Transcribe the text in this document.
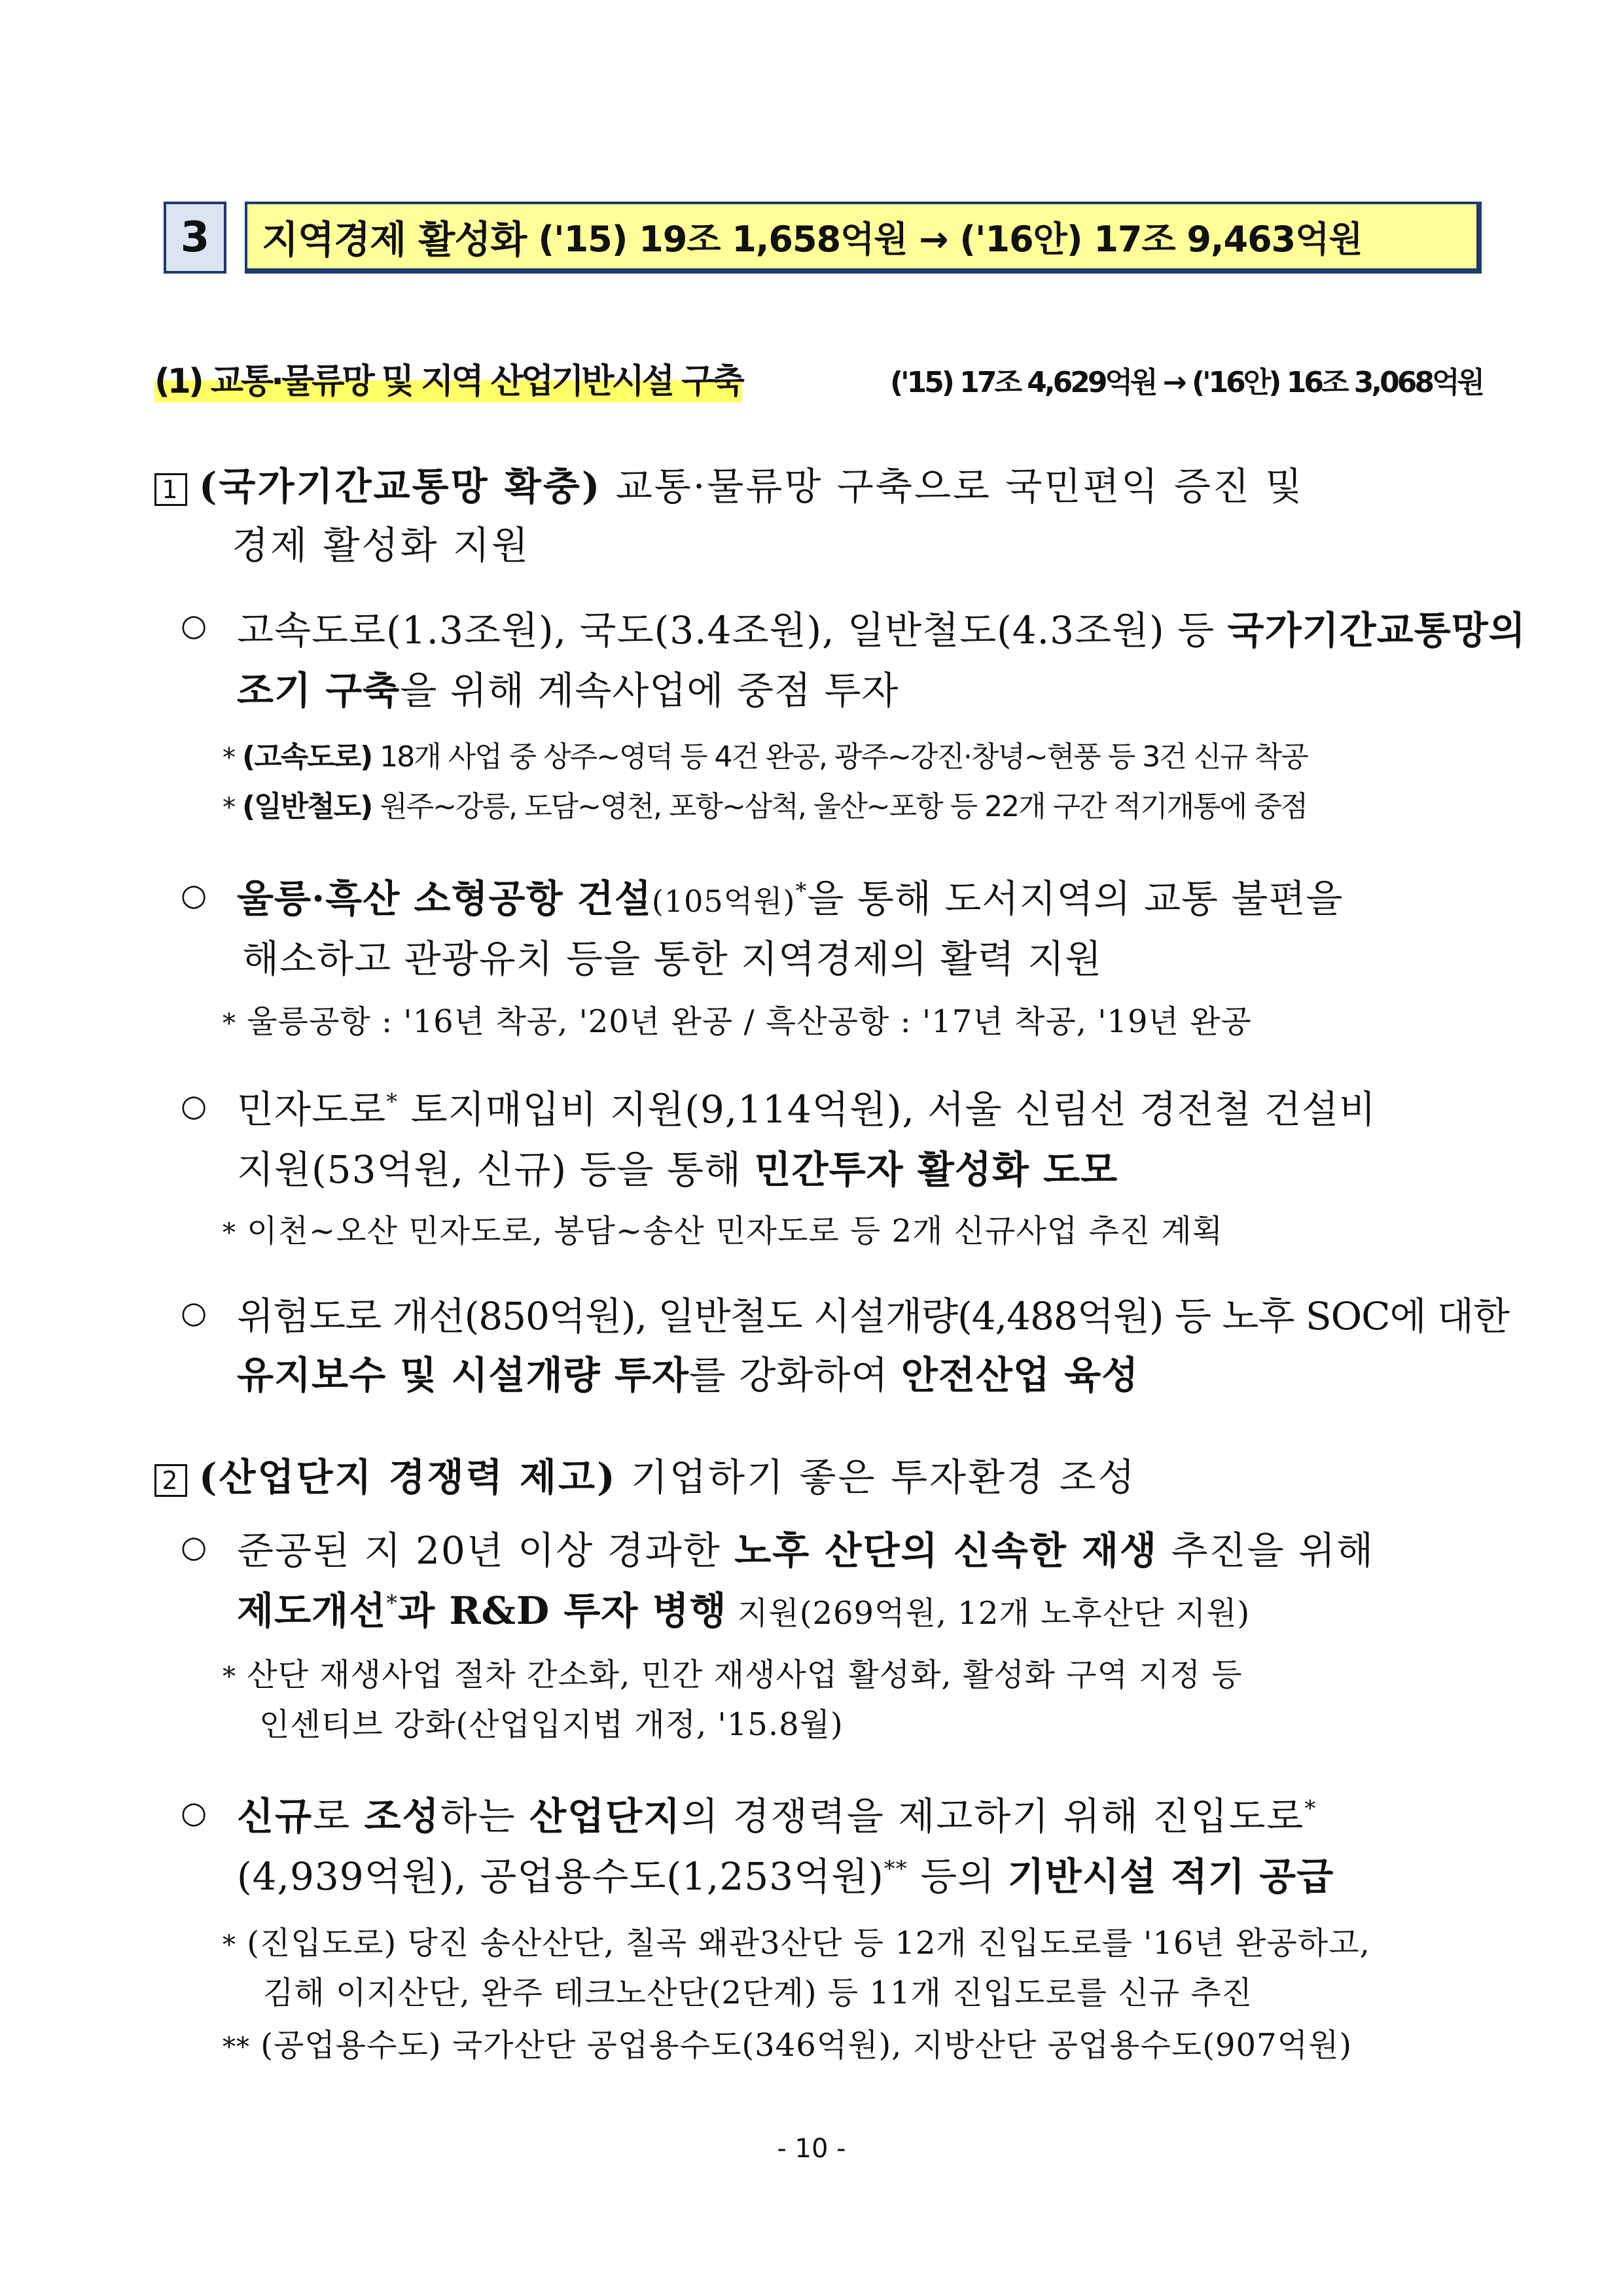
3 지역경제 활성화 ('15) 19조 1,658억원 → ('16안) 17조 9,463억원
(1) 교통·물류망 및 지역 산업기반시설 구축	('15) 17조 4,629억원 → ('16안) 16조 3,068억원
1 (국가기간교통망 확충) 교통·물류망 구축으로 국민편익 증진 및
경제 활성화 지원
○ 고속도로(1.3조원), 국도(3.4조원), 일반철도(4.3조원) 등 국가기간교통망의
조기 구축을 위해 계속사업에 중점 투자
* (고속도로) 18개 사업 중 상주~영덕 등 4건 완공, 광주~강진·창녕~현풍 등 3건 신규 착공
* (일반철도) 원주~강릉, 도담~영천, 포항~삼척, 울산~포항 등 22개 구간 적기개통에 중점
○ 울릉·흑산 소형공항 건설(105억원)*을 통해 도서지역의 교통 불편을
해소하고 관광유치 등을 통한 지역경제의 활력 지원
* 울릉공항 : '16년 착공, '20년 완공 / 흑산공항 : '17년 착공, '19년 완공
○ 민자도로* 토지매입비 지원(9,114억원), 서울 신림선 경전철 건설비
지원(53억원, 신규) 등을 통해 민간투자 활성화 도모
* 이천~오산 민자도로, 봉담~송산 민자도로 등 2개 신규사업 추진 계획
○ 위험도로 개선(850억원), 일반철도 시설개량(4,488억원) 등 노후 SOC에 대한
유지보수 및 시설개량 투자를 강화하여 안전산업 육성
2 (산업단지 경쟁력 제고) 기업하기 좋은 투자환경 조성
○ 준공된 지 20년 이상 경과한 노후 산단의 신속한 재생 추진을 위해
제도개선*과 R&D 투자 병행 지원(269억원, 12개 노후산단 지원)
* 산단 재생사업 절차 간소화, 민간 재생사업 활성화, 활성화 구역 지정 등
인센티브 강화(산업입지법 개정, '15.8월)
○ 신규로 조성하는 산업단지의 경쟁력을 제고하기 위해 진입도로*
(4,939억원), 공업용수도(1,253억원)** 등의 기반시설 적기 공급
* (진입도로) 당진 송산산단, 칠곡 왜관3산단 등 12개 진입도로를 '16년 완공하고,
김해 이지산단, 완주 테크노산단(2단계) 등 11개 진입도로를 신규 추진
** (공업용수도) 국가산단 공업용수도(346억원), 지방산단 공업용수도(907억원)
- 10 -
